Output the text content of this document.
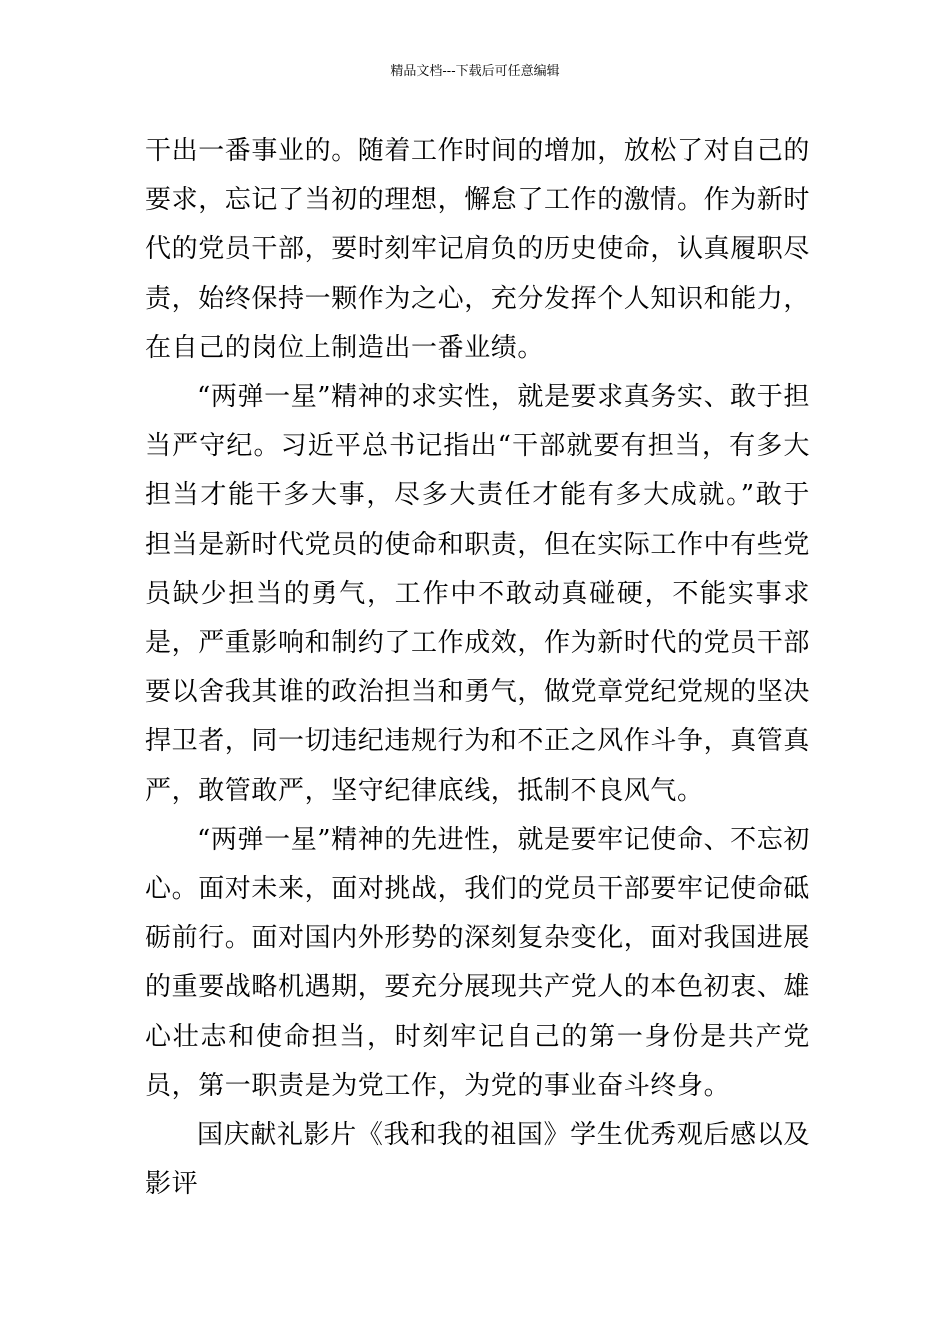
精品文档---下载后可任意编辑

干出一番事业的。随着工作时间的增加，放松了对自己的要求，忘记了当初的理想，懈怠了工作的激情。作为新时代的党员干部，要时刻牢记肩负的历史使命，认真履职尽责，始终保持一颗作为之心，充分发挥个人知识和能力，在自己的岗位上制造出一番业绩。

“两弹一星”精神的求实性，就是要求真务实、敢于担当严守纪。习近平总书记指出“干部就要有担当，有多大担当才能干多大事，尽多大责任才能有多大成就。”敢于担当是新时代党员的使命和职责，但在实际工作中有些党员缺少担当的勇气，工作中不敢动真碰硬，不能实事求是，严重影响和制约了工作成效，作为新时代的党员干部要以舍我其谁的政治担当和勇气，做党章党纪党规的坚决捍卫者，同一切违纪违规行为和不正之风作斗争，真管真严，敢管敢严，坚守纪律底线，抵制不良风气。

“两弹一星”精神的先进性，就是要牢记使命、不忘初心。面对未来，面对挑战，我们的党员干部要牢记使命砥砺前行。面对国内外形势的深刻复杂变化，面对我国进展的重要战略机遇期，要充分展现共产党人的本色初衷、雄心壮志和使命担当，时刻牢记自己的第一身份是共产党员，第一职责是为党工作，为党的事业奋斗终身。

国庆献礼影片《我和我的祖国》学生优秀观后感以及影评
